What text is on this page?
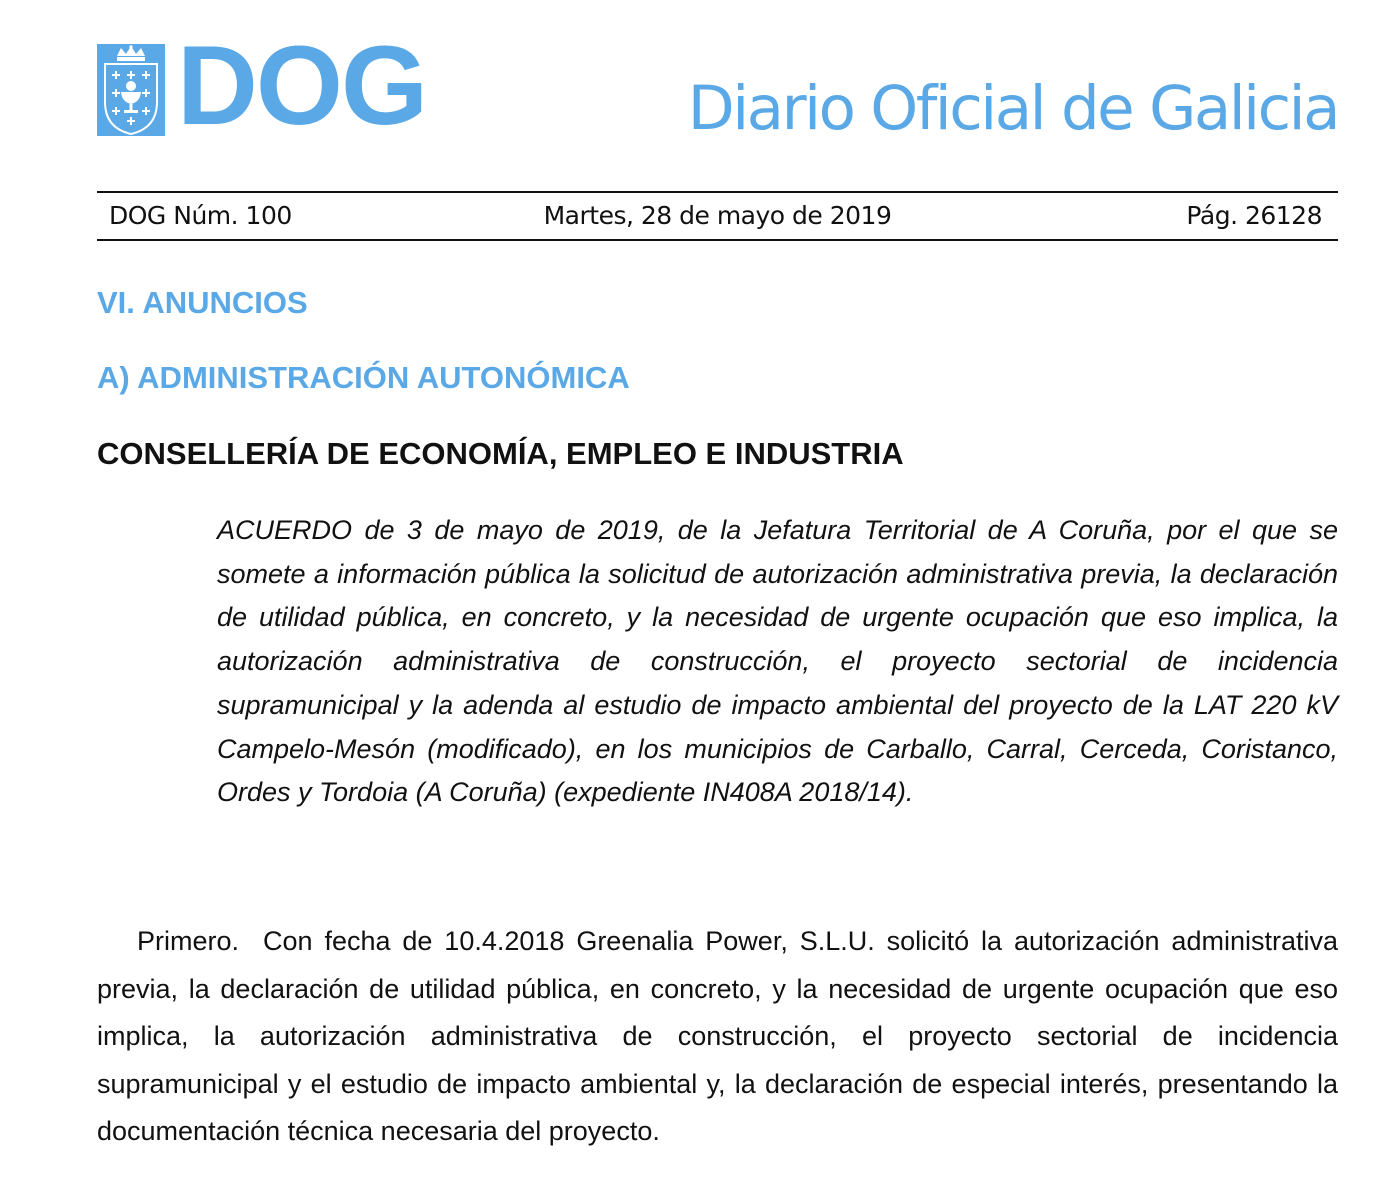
DOG	Diario Oficial de Galicia
DOG Núm. 100	Martes, 28 de mayo de 2019	Pág. 26128
VI. ANUNCIOS
A) ADMINISTRACIÓN AUTONÓMICA
CONSELLERÍA DE ECONOMÍA, EMPLEO E INDUSTRIA

ACUERDO de 3 de mayo de 2019, de la Jefatura Territorial de A Coruña, por el que se somete a información pública la solicitud de autorización administrativa previa, la declaración de utilidad pública, en concreto, y la necesidad de urgente ocupación que eso implica, la autorización administrativa de construcción, el proyecto sectorial de incidencia supramunicipal y la adenda al estudio de impacto ambiental del proyecto de la LAT 220 kV Campelo-Mesón (modificado), en los municipios de Carballo, Carral, Cerceda, Coristanco, Ordes y Tordoia (A Coruña) (expediente IN408A 2018/14).

Primero. Con fecha de 10.4.2018 Greenalia Power, S.L.U. solicitó la autorización administrativa previa, la declaración de utilidad pública, en concreto, y la necesidad de urgente ocupación que eso implica, la autorización administrativa de construcción, el proyecto sectorial de incidencia supramunicipal y el estudio de impacto ambiental y, la declaración de especial interés, presentando la documentación técnica necesaria del proyecto.
